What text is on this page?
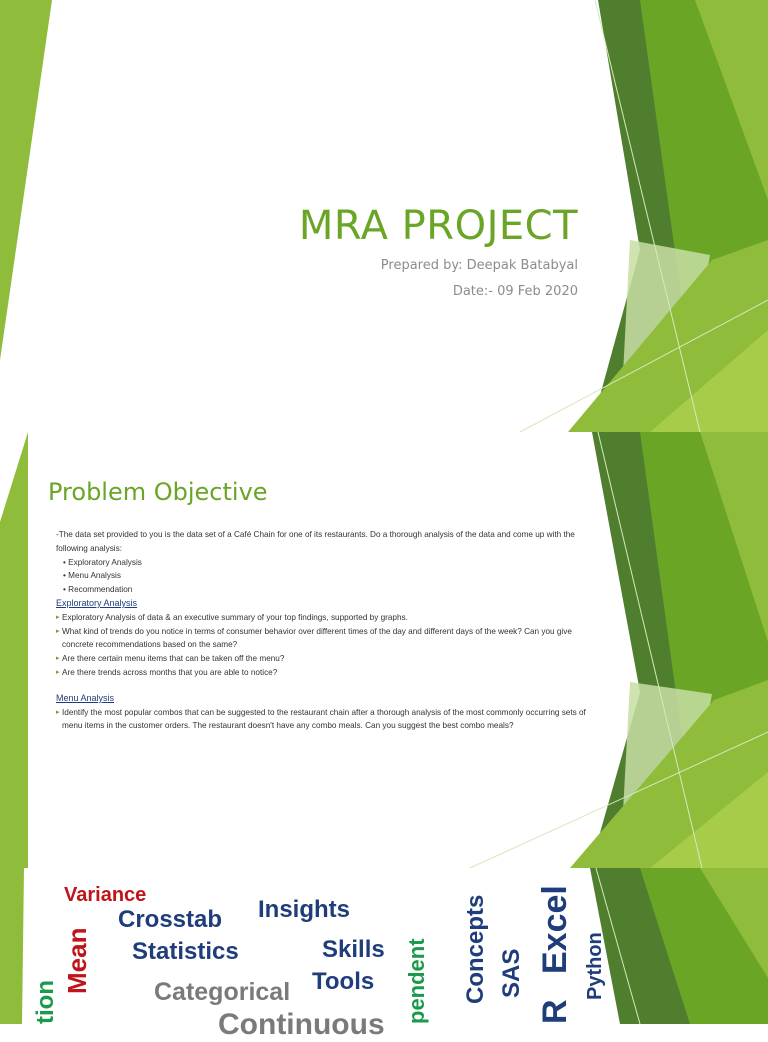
MRA PROJECT
Prepared by: Deepak Batabyal
Date:- 09 Feb 2020
Problem Objective
-The data set provided to you is the data set of a Café Chain for one of its restaurants. Do a thorough analysis of the data and come up with the following analysis:
• Exploratory Analysis
• Menu Analysis
• Recommendation
Exploratory Analysis
▸ Exploratory Analysis of data & an executive summary of your top findings, supported by graphs.
▸ What kind of trends do you notice in terms of consumer behavior over different times of the day and different days of the week? Can you give concrete recommendations based on the same?
▸ Are there certain menu items that can be taken off the menu?
▸ Are there trends across months that you are able to notice?
Menu Analysis
▸ Identify the most popular combos that can be suggested to the restaurant chain after a thorough analysis of the most commonly occurring sets of menu items in the customer orders. The restaurant doesn't have any combo meals. Can you suggest the best combo meals?
Variance
Crosstab Insights
Mean Statistics	Skills
Tools
Categorical
Continuous
Concepts SAS Excel
R
Python
pendent
tion
